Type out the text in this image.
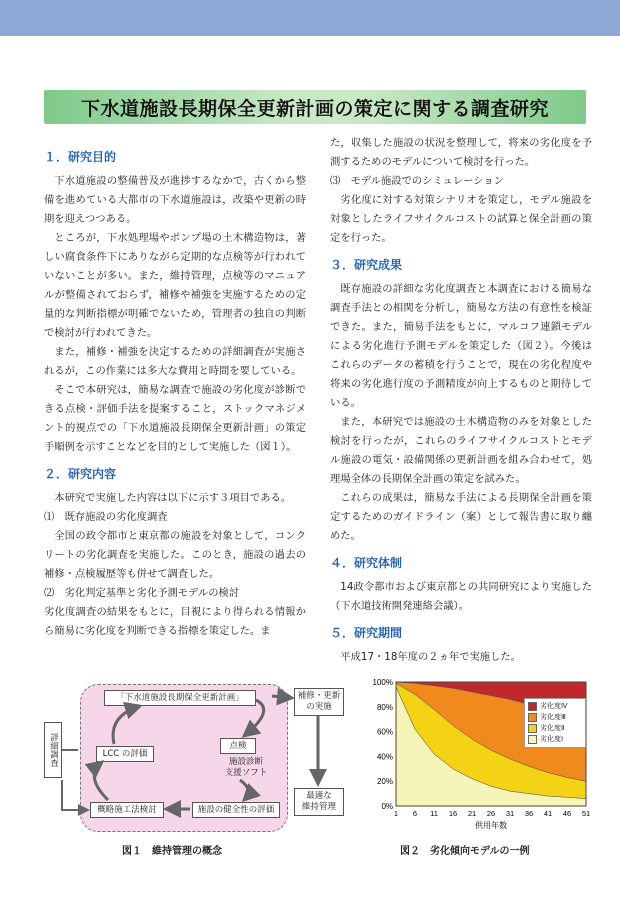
下水道施設長期保全更新計画の策定に関する調査研究
１．研究目的

下水道施設の整備普及が進捗するなかで，古くから整備を進めている大都市の下水道施設は，改築や更新の時期を迎えつつある。

ところが，下水処理場やポンプ場の土木構造物は，著しい腐食条件下にありながら定期的な点検等が行われていないことが多い。また，維持管理，点検等のマニュアルが整備されておらず，補修や補強を実施するための定量的な判断指標が明確でないため，管理者の独自の判断で検討が行われてきた。

また，補修・補強を決定するための詳細調査が実施されるが，この作業には多大な費用と時間を要している。

そこで本研究は，簡易な調査で施設の劣化度が診断できる点検・評価手法を提案すること，ストックマネジメント的視点での「下水道施設長期保全更新計画」の策定手順例を示すことなどを目的として実施した（図１）。

２．研究内容

本研究で実施した内容は以下に示す３項目である。

⑴　既存施設の劣化度調査

全国の政令都市と東京都の施設を対象として，コンクリートの劣化調査を実施した。このとき，施設の過去の補修・点検履歴等も併せて調査した。

⑵　劣化判定基準と劣化予測モデルの検討

劣化度調査の結果をもとに，目視により得られる情報から簡易に劣化度を判断できる指標を策定した。ま

た，収集した施設の状況を整理して，将来の劣化度を予測するためのモデルについて検討を行った。

⑶　モデル施設でのシミュレーション

劣化度に対する対策シナリオを策定し，モデル施設を対象としたライフサイクルコストの試算と保全計画の策定を行った。

３．研究成果

既存施設の詳細な劣化度調査と本調査における簡易な調査手法との相関を分析し，簡易な方法の有意性を検証できた。また，簡易手法をもとに，マルコフ連鎖モデルによる劣化進行予測モデルを策定した（図２）。今後はこれらのデータの蓄積を行うことで，現在の劣化程度や将来の劣化進行度の予測精度が向上するものと期待している。

また，本研究では施設の土木構造物のみを対象とした検討を行ったが，これらのライフサイクルコストとモデル施設の電気・設備関係の更新計画を組み合わせて，処理場全体の長期保全計画の策定を試みた。

これらの成果は，簡易な手法による長期保全計画を策定するためのガイドライン（案）として報告書に取り纏めた。

４．研究体制

14政令都市および東京都との共同研究により実施した（下水道技術開発連絡会議）。

５．研究期間

平成17・18年度の２ヵ年で実施した。

「下水道施設長期保全更新計画」
点検
施設診断
支援ソフト
LCC の評価
概略施工法検討	施設の健全性の評価
詳細調査
補修・更新
の実施
最適な
維持管理
図１　維持管理の概念
0%
20%
40%
60%
80%
100%
1 6 11 16 21 26 31 36 41 46 51
供用年数
劣化度Ⅳ
劣化度Ⅲ
劣化度Ⅱ
劣化度Ⅰ
図２　劣化傾向モデルの一例
